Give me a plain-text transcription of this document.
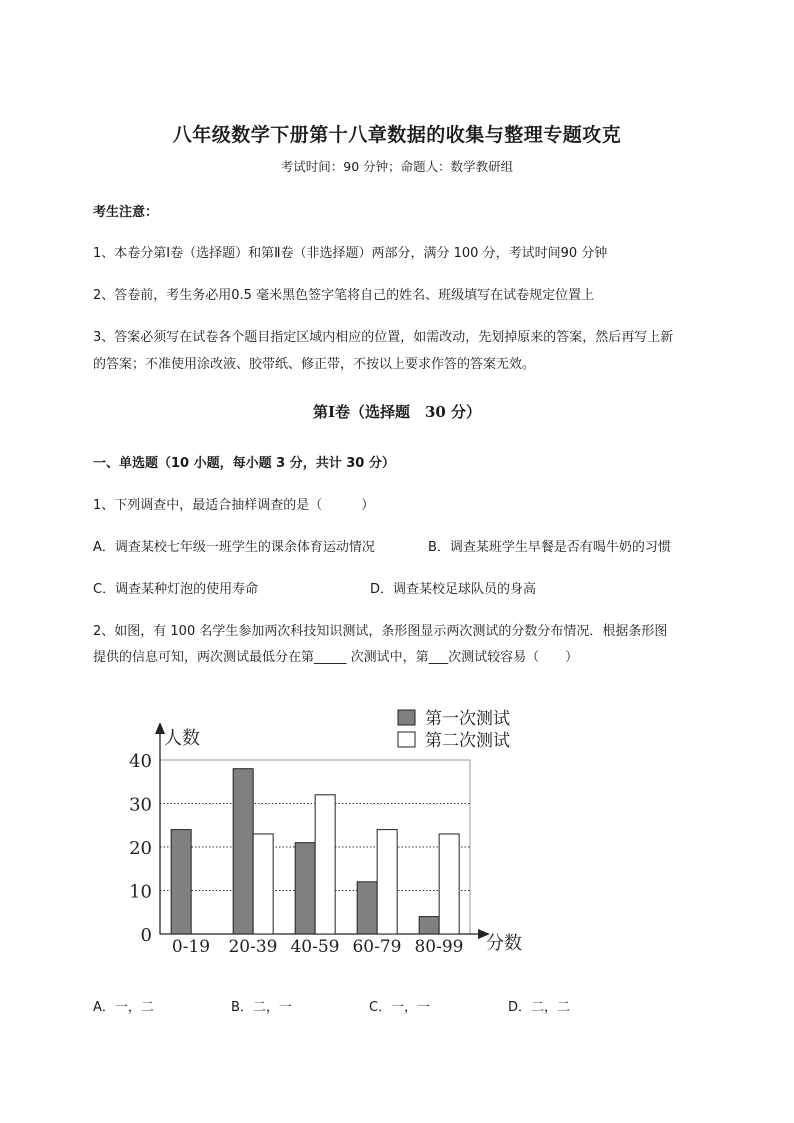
八年级数学下册第十八章数据的收集与整理专题攻克
考试时间：90 分钟；命题人：数学教研组
考生注意：
1、本卷分第Ⅰ卷（选择题）和第Ⅱ卷（非选择题）两部分，满分 100 分，考试时间90 分钟
2、答卷前，考生务必用0.5 毫米黑色签字笔将自己的姓名、班级填写在试卷规定位置上
3、答案必须写在试卷各个题目指定区域内相应的位置，如需改动，先划掉原来的答案，然后再写上新
的答案；不准使用涂改液、胶带纸、修正带，不按以上要求作答的答案无效。
第Ⅰ卷（选择题　30 分）
一、单选题（10 小题，每小题 3 分，共计 30 分）
1、下列调查中，最适合抽样调查的是（　　　）
A．调查某校七年级一班学生的课余体育运动情况	B．调查某班学生早餐是否有喝牛奶的习惯
C．调查某种灯泡的使用寿命	D．调查某校足球队员的身高
2、如图，有 100 名学生参加两次科技知识测试，条形图显示两次测试的分数分布情况．根据条形图
提供的信息可知，两次测试最低分在第_____ 次测试中，第___次测试较容易（　　）
0
10
20
30
40
人数
分数
0-19 20-39 40-59 60-79 80-99
第一次测试
第二次测试
A．一，二	B．二，一	C．一，一	D．二，二
